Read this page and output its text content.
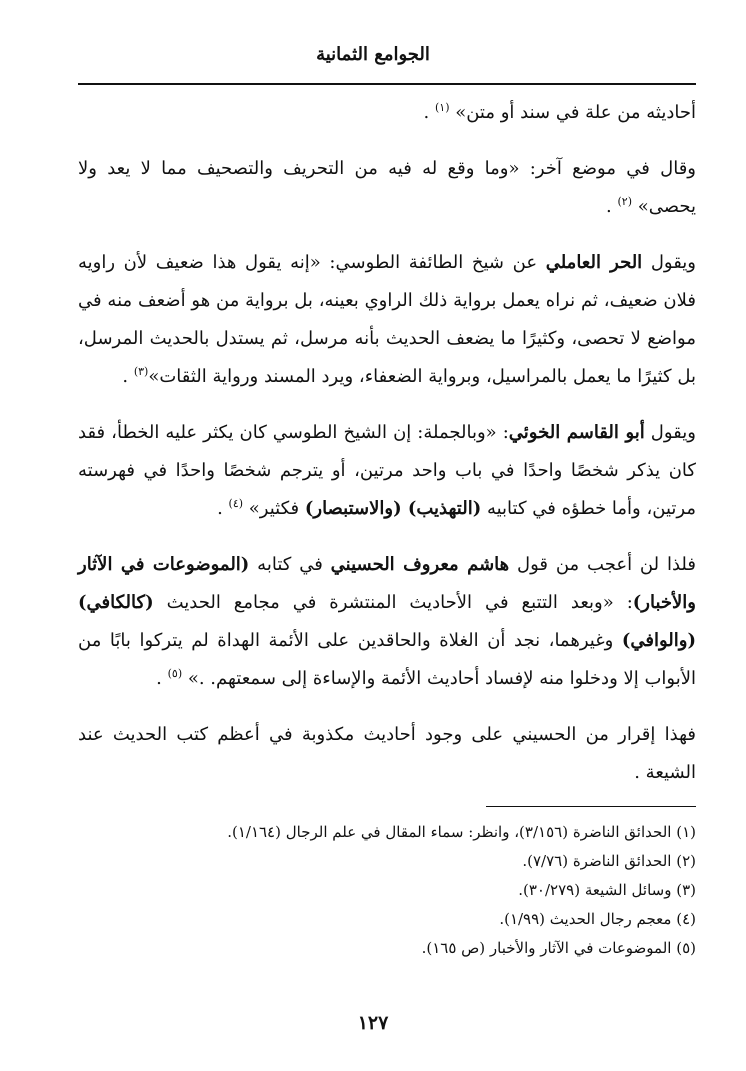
الجوامع الثمانية

أحاديثه من علة في سند أو متن» $^{(١)}$ .

وقال في موضع آخر: «وما وقع له فيه من التحريف والتصحيف مما لا يعد ولا يحصى» $^{(٢)}$ .

ويقول الحر العاملي عن شيخ الطائفة الطوسي: «إنه يقول هذا ضعيف لأن راويه فلان ضعيف، ثم نراه يعمل برواية ذلك الراوي بعينه، بل برواية من هو أضعف منه في مواضع لا تحصى، وكثيرًا ما يضعف الحديث بأنه مرسل، ثم يستدل بالحديث المرسل، بل كثيرًا ما يعمل بالمراسيل، وبرواية الضعفاء، ويرد المسند ورواية الثقات»$^{(٣)}$ .

ويقول أبو القاسم الخوئي: «وبالجملة: إن الشيخ الطوسي كان يكثر عليه الخطأ، فقد كان يذكر شخصًا واحدًا في باب واحد مرتين، أو يترجم شخصًا واحدًا في فهرسته مرتين، وأما خطؤه في كتابيه (التهذيب) (والاستبصار) فكثير» $^{(٤)}$ .

فلذا لن أعجب من قول هاشم معروف الحسيني في كتابه (الموضوعات في الآثار والأخبار): «وبعد التتبع في الأحاديث المنتشرة في مجامع الحديث (كالكافي) (والوافي) وغيرهما، نجد أن الغلاة والحاقدين على الأئمة الهداة لم يتركوا بابًا من الأبواب إلا ودخلوا منه لإفساد أحاديث الأئمة والإساءة إلى سمعتهم. .» $^{(٥)}$ .

فهذا إقرار من الحسيني على وجود أحاديث مكذوبة في أعظم كتب الحديث عند الشيعة .

(١) الحدائق الناضرة (٣/١٥٦)، وانظر: سماء المقال في علم الرجال (١/١٦٤).

(٢) الحدائق الناضرة (٧/٧٦).

(٣) وسائل الشيعة (٣٠/٢٧٩).

(٤) معجم رجال الحديث (١/٩٩).

(٥) الموضوعات في الآثار والأخبار (ص ١٦٥).

١٢٧
